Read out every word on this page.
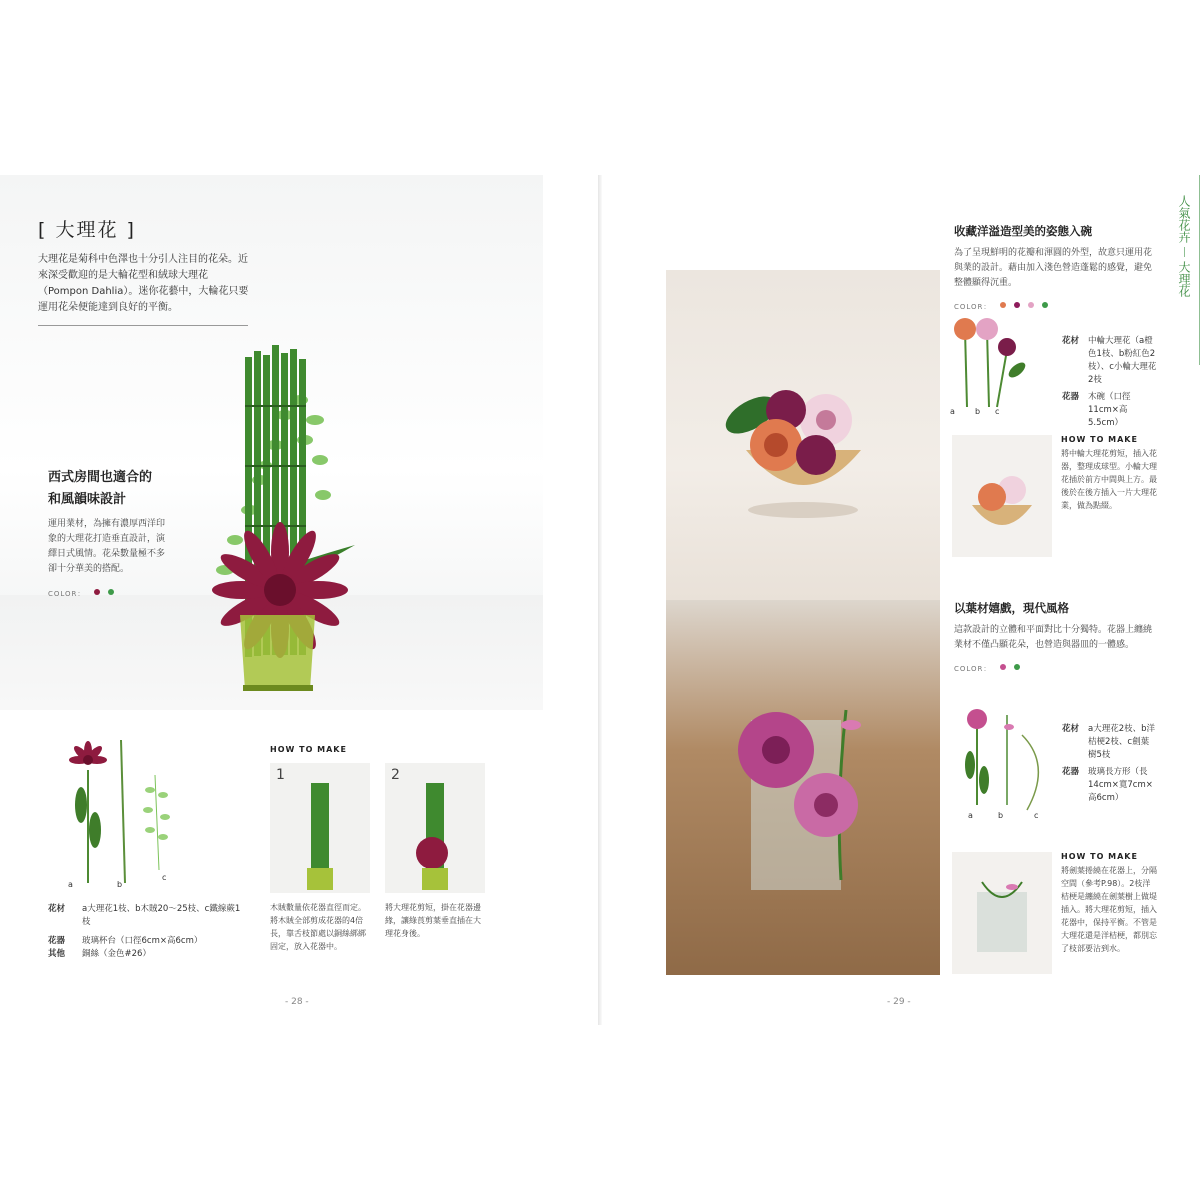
[ 大理花 ]
大理花是菊科中色澤也十分引人注目的花朵。近來深受歡迎的是大輪花型和絨球大理花（Pompon Dahlia）。迷你花藝中，大輪花只要運用花朵便能達到良好的平衡。
西式房間也適合的
和風韻味設計
運用業材，為擁有濃厚西洋印象的大理花打造垂直設計，演繹日式風情。花朵數量極不多卻十分華美的搭配。
COLOR：
a	b
c
花材	a大理花1枝、b木賊20〜25枝、c鐵線蕨1枝
花器	玻璃杯台（口徑6cm×高6cm）
其他	銅絲（金色#26）
HOW TO MAKE
1
木賊數量依花器直徑而定。將木賊全部剪成花器的4倍長，靠舌枝節處以銅絲綁綁固定，放入花器中。
2
將大理花剪短，掛在花器邊緣，讓綠莨剪葉垂直插在大理花身後。
- 28 -
人氣花卉
大理花
收藏洋溢造型美的姿態入碗
為了呈現鮮明的花瓣和渾圓的外型，故意只運用花與業的設計。藉由加入淺色營造蓬鬆的感覺，避免整體顯得沉重。
COLOR：
a	b c
花材	中輪大理花（a橙色1枝、b粉紅色2枝）、c小輪大理花2枝
花器	木碗（口徑11cm×高5.5cm）
HOW TO MAKE
將中輪大理花剪短，插入花器，整理成球型。小輪大理花插於前方中間與上方。最後於在後方插入一片大理花業，做為點綴。
以葉材嬉戲，現代風格
這款設計的立體和平面對比十分獨特。花器上纏繞業材不僅凸顯花朵，也營造與器皿的一體感。
COLOR：
a	b	c
花材	a大理花2枝、b洋桔梗2枝、c劍葉樹5枝
花器	玻璃長方形（長14cm×寬7cm×高6cm）
HOW TO MAKE
將劍葉捲繞在花器上，分隔空間（參考P.98）。2枝洋桔梗是纏繞在劍葉樹上做堤插入。將大理花剪短，插入花器中，保持平衡。不管是大理花還是洋桔梗，都別忘了枝部要沾到水。
- 29 -
